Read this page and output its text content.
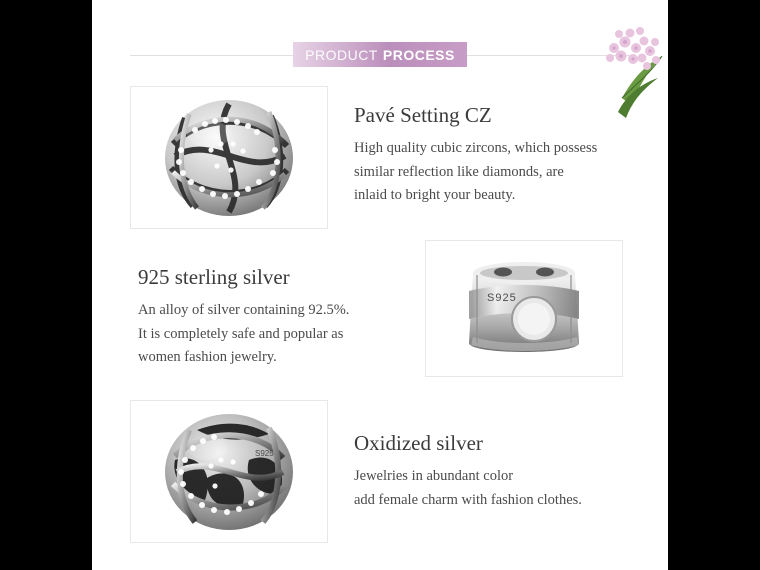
PRODUCT PROCESS
Pavé Setting CZ

High quality cubic zircons, which possess
similar reflection like diamonds, are
inlaid to bright your beauty.

S925
925 sterling silver

An alloy of silver containing 92.5%.
It is completely safe and popular as
women fashion jewelry.

S925	Oxidized silver

Jewelries in abundant color
add female charm with fashion clothes.
